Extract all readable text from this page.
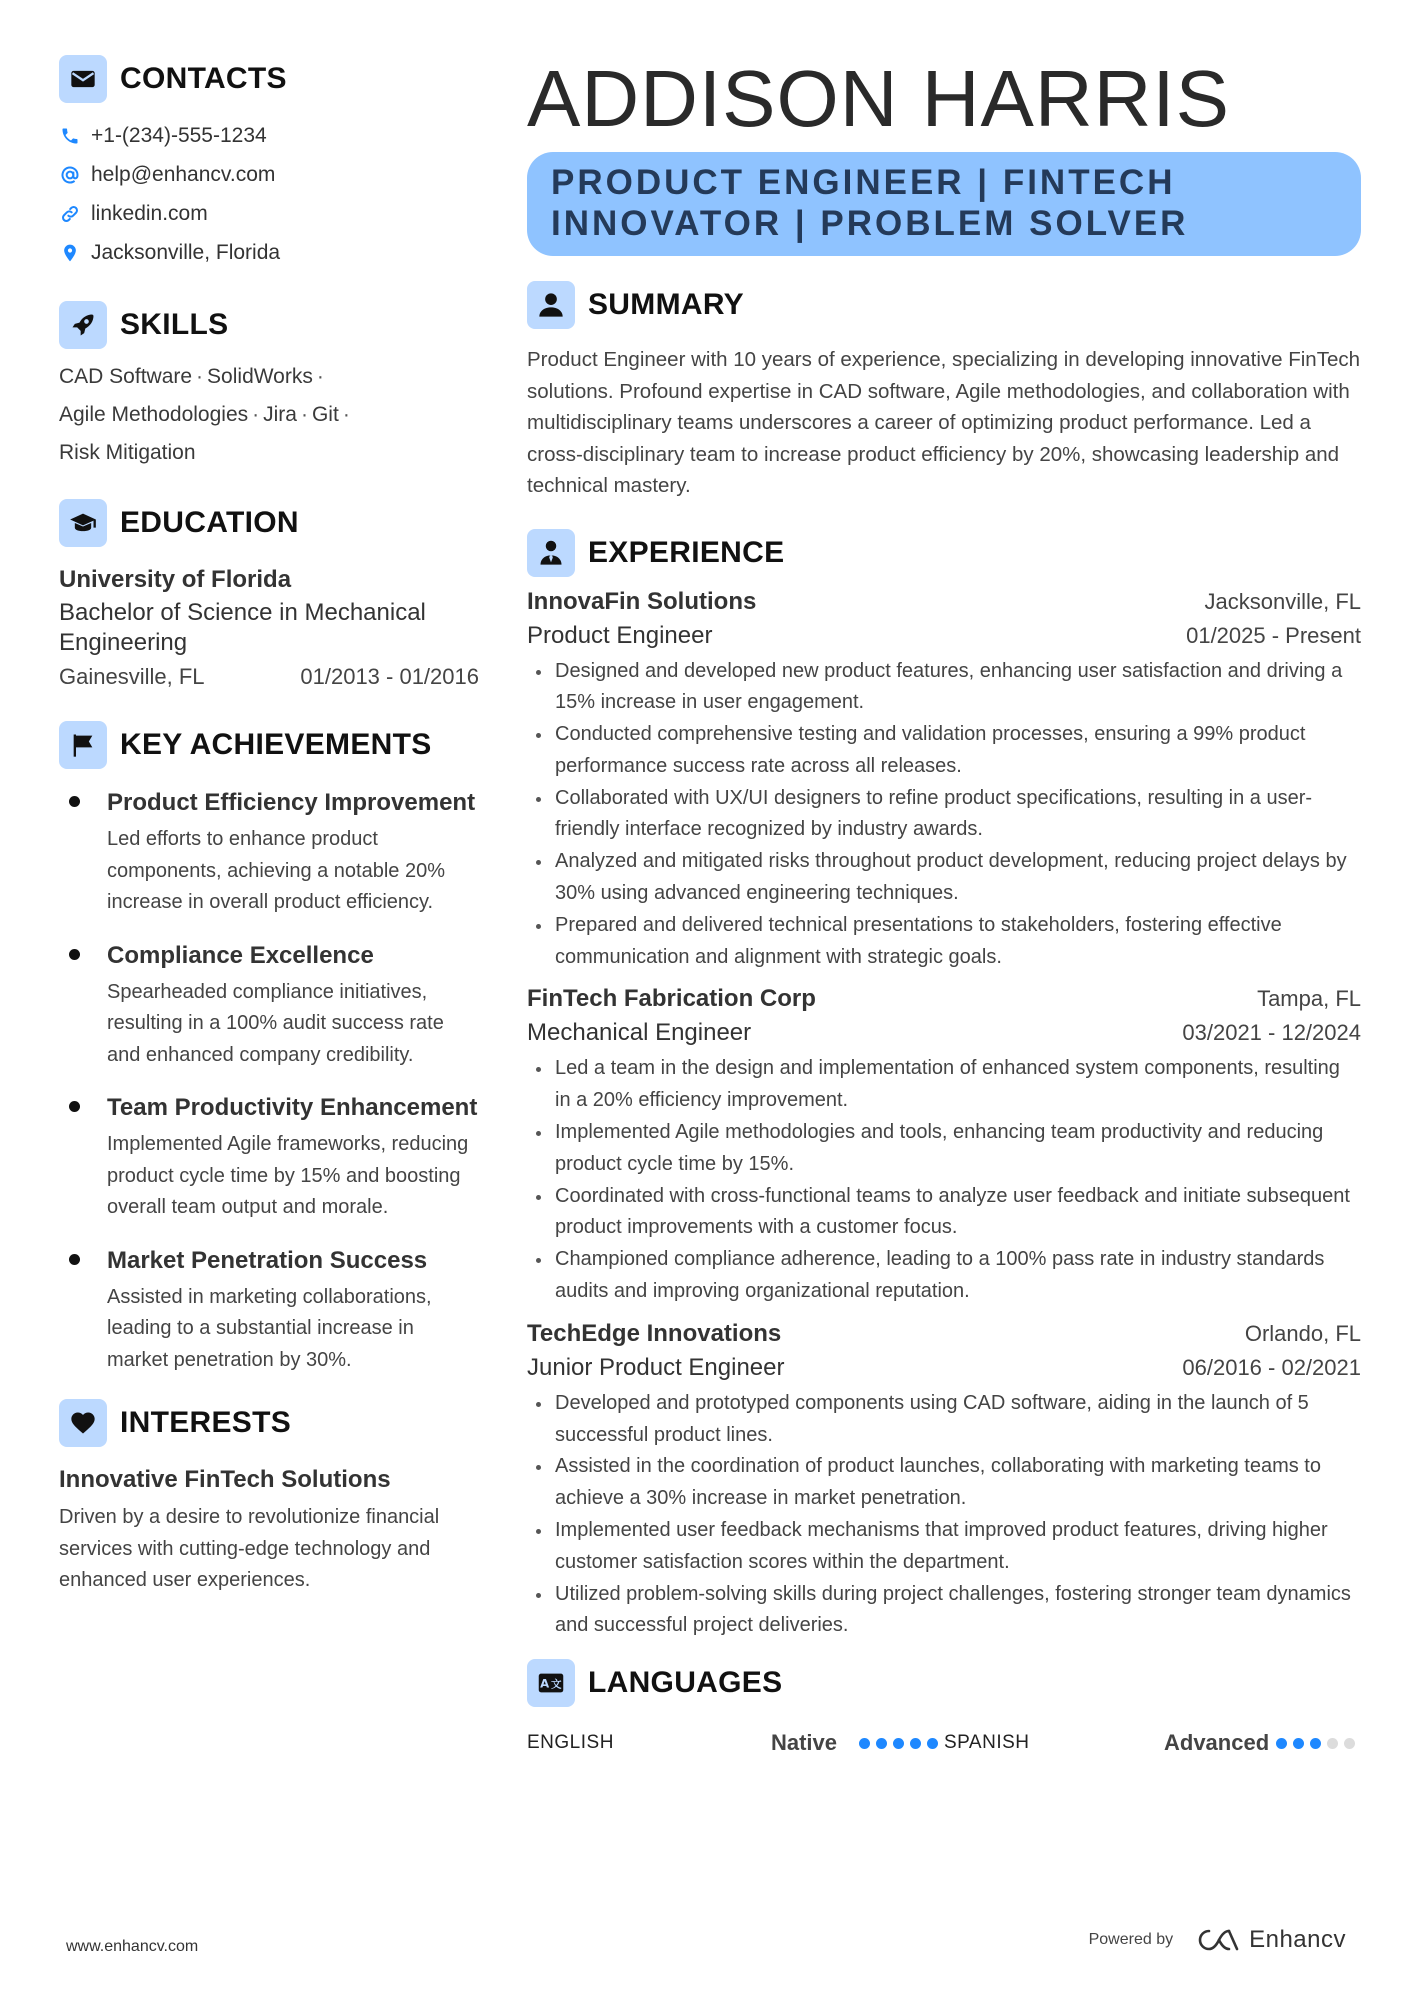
CONTACTS
+1-(234)-555-1234
help@enhancv.com
linkedin.com
Jacksonville, Florida
SKILLS
CAD Software · SolidWorks ·
Agile Methodologies · Jira · Git ·
Risk Mitigation
EDUCATION
University of Florida
Bachelor of Science in Mechanical Engineering
Gainesville, FL	01/2013 - 01/2016
KEY ACHIEVEMENTS
Product Efficiency Improvement
Led efforts to enhance product components, achieving a notable 20% increase in overall product efficiency.
Compliance Excellence
Spearheaded compliance initiatives, resulting in a 100% audit success rate and enhanced company credibility.
Team Productivity Enhancement
Implemented Agile frameworks, reducing product cycle time by 15% and boosting overall team output and morale.
Market Penetration Success
Assisted in marketing collaborations, leading to a substantial increase in market penetration by 30%.
INTERESTS
Innovative FinTech Solutions
Driven by a desire to revolutionize financial services with cutting-edge technology and enhanced user experiences.
ADDISON HARRIS
PRODUCT ENGINEER | FINTECH INNOVATOR | PROBLEM SOLVER
SUMMARY

Product Engineer with 10 years of experience, specializing in developing innovative FinTech solutions. Profound expertise in CAD software, Agile methodologies, and collaboration with multidisciplinary teams underscores a career of optimizing product performance. Led a cross-disciplinary team to increase product efficiency by 20%, showcasing leadership and technical mastery.

EXPERIENCE
InnovaFin Solutions	Jacksonville, FL
Product Engineer	01/2025 - Present
Designed and developed new product features, enhancing user satisfaction and driving a 15% increase in user engagement.
Conducted comprehensive testing and validation processes, ensuring a 99% product performance success rate across all releases.
Collaborated with UX/UI designers to refine product specifications, resulting in a user-friendly interface recognized by industry awards.
Analyzed and mitigated risks throughout product development, reducing project delays by 30% using advanced engineering techniques.
Prepared and delivered technical presentations to stakeholders, fostering effective communication and alignment with strategic goals.
FinTech Fabrication Corp	Tampa, FL
Mechanical Engineer	03/2021 - 12/2024
Led a team in the design and implementation of enhanced system components, resulting in a 20% efficiency improvement.
Implemented Agile methodologies and tools, enhancing team productivity and reducing product cycle time by 15%.
Coordinated with cross-functional teams to analyze user feedback and initiate subsequent product improvements with a customer focus.
Championed compliance adherence, leading to a 100% pass rate in industry standards audits and improving organizational reputation.
TechEdge Innovations	Orlando, FL
Junior Product Engineer	06/2016 - 02/2021
Developed and prototyped components using CAD software, aiding in the launch of 5 successful product lines.
Assisted in the coordination of product launches, collaborating with marketing teams to achieve a 30% increase in market penetration.
Implemented user feedback mechanisms that improved product features, driving higher customer satisfaction scores within the department.
Utilized problem-solving skills during project challenges, fostering stronger team dynamics and successful project deliveries.
A 文 LANGUAGES
ENGLISH	Native	SPANISH	Advanced
www.enhancv.com	Powered by	Enhancv
